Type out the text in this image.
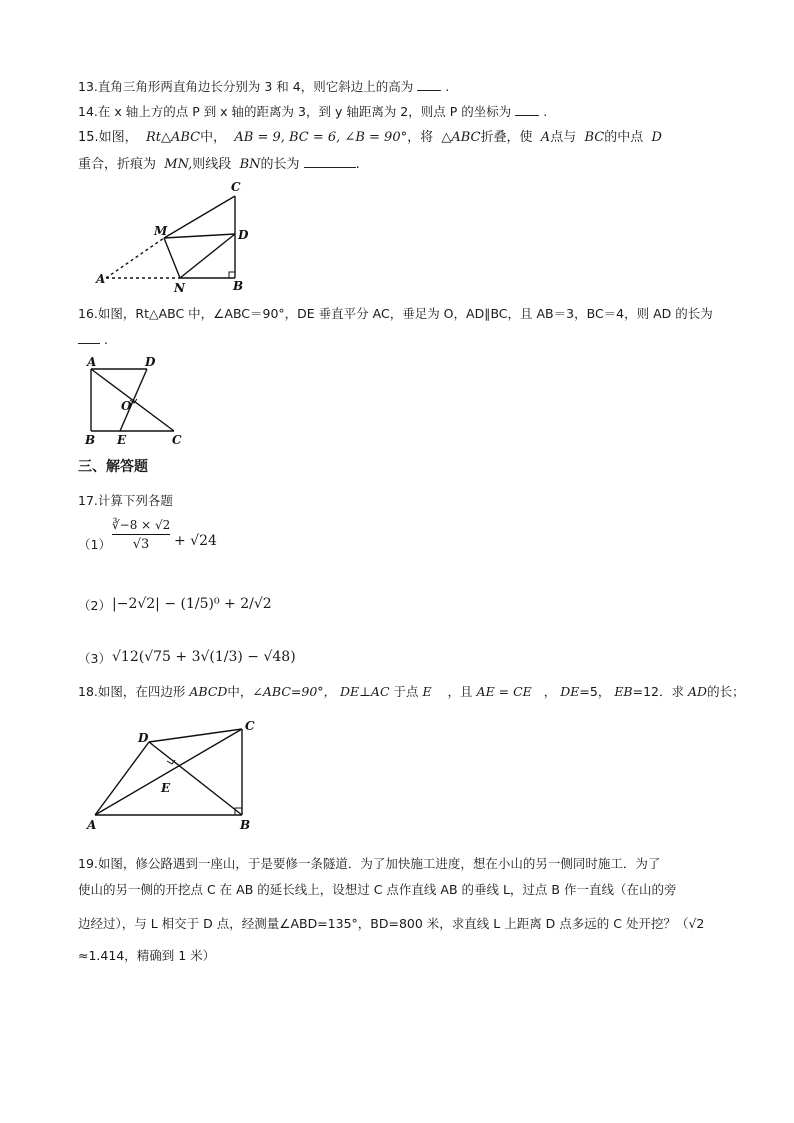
13.直角三角形两直角边长分别为 3 和 4，则它斜边上的高为	.
14.在 x 轴上方的点 P 到 x 轴的距离为 3，到 y 轴距离为 2，则点 P 的坐标为	.
15.如图， Rt△ABC中， AB = 9, BC = 6, ∠B = 90°，将 △ABC折叠，使 A点与 BC的中点 D
重合，折痕为 MN,则线段 BN的长为	.
C
D
M
A
N	B
16.如图，Rt△ABC 中，∠ABC＝90°，DE 垂直平分 AC，垂足为 O，AD∥BC，且 AB＝3，BC＝4，则 AD 的长为
.
A	D
O
B E	C
三、解答题
17.计算下列各题
（1）
∛−8 × √2
√3	+ √24
（2） |−2√2| − (1/5)⁰ + 2/√2
（3） √12(√75 + 3√(1/3) − √48)
18.如图，在四边形 ABCD中，∠ABC=90°， DE⊥AC 于点 E ，且 AE = CE ， DE=5， EB=12．求 AD的长；
A	B
C
D
E
19.如图，修公路遇到一座山，于是要修一条隧道．为了加快施工进度，想在小山的另一侧同时施工．为了
使山的另一侧的开挖点 C 在 AB 的延长线上，设想过 C 点作直线 AB 的垂线 L，过点 B 作一直线（在山的旁
边经过），与 L 相交于 D 点，经测量∠ABD=135°，BD=800 米，求直线 L 上距离 D 点多远的 C 处开挖？（√2
≈1.414，精确到 1 米）
